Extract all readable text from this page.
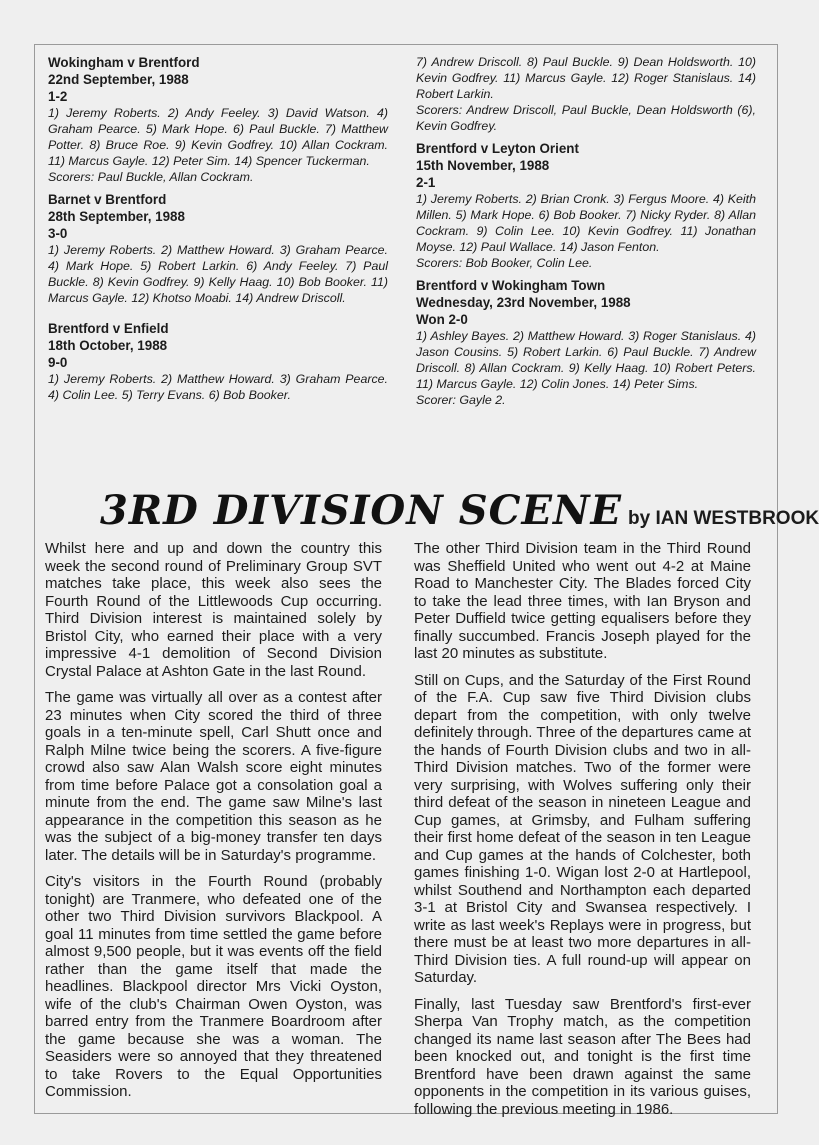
Wokingham v Brentford
22nd September, 1988
1-2

1) Jeremy Roberts. 2) Andy Feeley. 3) David Watson. 4) Graham Pearce. 5) Mark Hope. 6) Paul Buckle. 7) Matthew Potter. 8) Bruce Roe. 9) Kevin Godfrey. 10) Allan Cockram. 11) Marcus Gayle. 12) Peter Sim. 14) Spencer Tuckerman.

Scorers: Paul Buckle, Allan Cockram.

Barnet v Brentford
28th September, 1988
3-0

1) Jeremy Roberts. 2) Matthew Howard. 3) Graham Pearce. 4) Mark Hope. 5) Robert Larkin. 6) Andy Feeley. 7) Paul Buckle. 8) Kevin Godfrey. 9) Kelly Haag. 10) Bob Booker. 11) Marcus Gayle. 12) Khotso Moabi. 14) Andrew Driscoll.

Brentford v Enfield
18th October, 1988
9-0

1) Jeremy Roberts. 2) Matthew Howard. 3) Graham Pearce. 4) Colin Lee. 5) Terry Evans. 6) Bob Booker.

7) Andrew Driscoll. 8) Paul Buckle. 9) Dean Holdsworth. 10) Kevin Godfrey. 11) Marcus Gayle. 12) Roger Stanislaus. 14) Robert Larkin.

Scorers: Andrew Driscoll, Paul Buckle, Dean Holdsworth (6), Kevin Godfrey.

Brentford v Leyton Orient
15th November, 1988
2-1

1) Jeremy Roberts. 2) Brian Cronk. 3) Fergus Moore. 4) Keith Millen. 5) Mark Hope. 6) Bob Booker. 7) Nicky Ryder. 8) Allan Cockram. 9) Colin Lee. 10) Kevin Godfrey. 11) Jonathan Moyse. 12) Paul Wallace. 14) Jason Fenton.

Scorers: Bob Booker, Colin Lee.

Brentford v Wokingham Town
Wednesday, 23rd November, 1988
Won 2-0

1) Ashley Bayes. 2) Matthew Howard. 3) Roger Stanislaus. 4) Jason Cousins. 5) Robert Larkin. 6) Paul Buckle. 7) Andrew Driscoll. 8) Allan Cockram. 9) Kelly Haag. 10) Robert Peters. 11) Marcus Gayle. 12) Colin Jones. 14) Peter Sims.

Scorer: Gayle 2.

3RD DIVISION SCENE by IAN WESTBROOK

Whilst here and up and down the country this week the second round of Preliminary Group SVT matches take place, this week also sees the Fourth Round of the Littlewoods Cup occurring. Third Division interest is maintained solely by Bristol City, who earned their place with a very impressive 4-1 demolition of Second Division Crystal Palace at Ashton Gate in the last Round.

The game was virtually all over as a contest after 23 minutes when City scored the third of three goals in a ten-minute spell, Carl Shutt once and Ralph Milne twice being the scorers. A five-figure crowd also saw Alan Walsh score eight minutes from time before Palace got a consolation goal a minute from the end. The game saw Milne's last appearance in the competition this season as he was the subject of a big-money transfer ten days later. The details will be in Saturday's programme.

City's visitors in the Fourth Round (probably tonight) are Tranmere, who defeated one of the other two Third Division survivors Blackpool. A goal 11 minutes from time settled the game before almost 9,500 people, but it was events off the field rather than the game itself that made the headlines. Blackpool director Mrs Vicki Oyston, wife of the club's Chairman Owen Oyston, was barred entry from the Tranmere Boardroom after the game because she was a woman. The Seasiders were so annoyed that they threatened to take Rovers to the Equal Opportunities Commission.

The other Third Division team in the Third Round was Sheffield United who went out 4-2 at Maine Road to Manchester City. The Blades forced City to take the lead three times, with Ian Bryson and Peter Duffield twice getting equalisers before they finally succumbed. Francis Joseph played for the last 20 minutes as substitute.

Still on Cups, and the Saturday of the First Round of the F.A. Cup saw five Third Division clubs depart from the competition, with only twelve definitely through. Three of the departures came at the hands of Fourth Division clubs and two in all-Third Division matches. Two of the former were very surprising, with Wolves suffering only their third defeat of the season in nineteen League and Cup games, at Grimsby, and Fulham suffering their first home defeat of the season in ten League and Cup games at the hands of Colchester, both games finishing 1-0. Wigan lost 2-0 at Hartlepool, whilst Southend and Northampton each departed 3-1 at Bristol City and Swansea respectively. I write as last week's Replays were in progress, but there must be at least two more departures in all-Third Division ties. A full round-up will appear on Saturday.

Finally, last Tuesday saw Brentford's first-ever Sherpa Van Trophy match, as the competition changed its name last season after The Bees had been knocked out, and tonight is the first time Brentford have been drawn against the same opponents in the competition in its various guises, following the previous meeting in 1986.
